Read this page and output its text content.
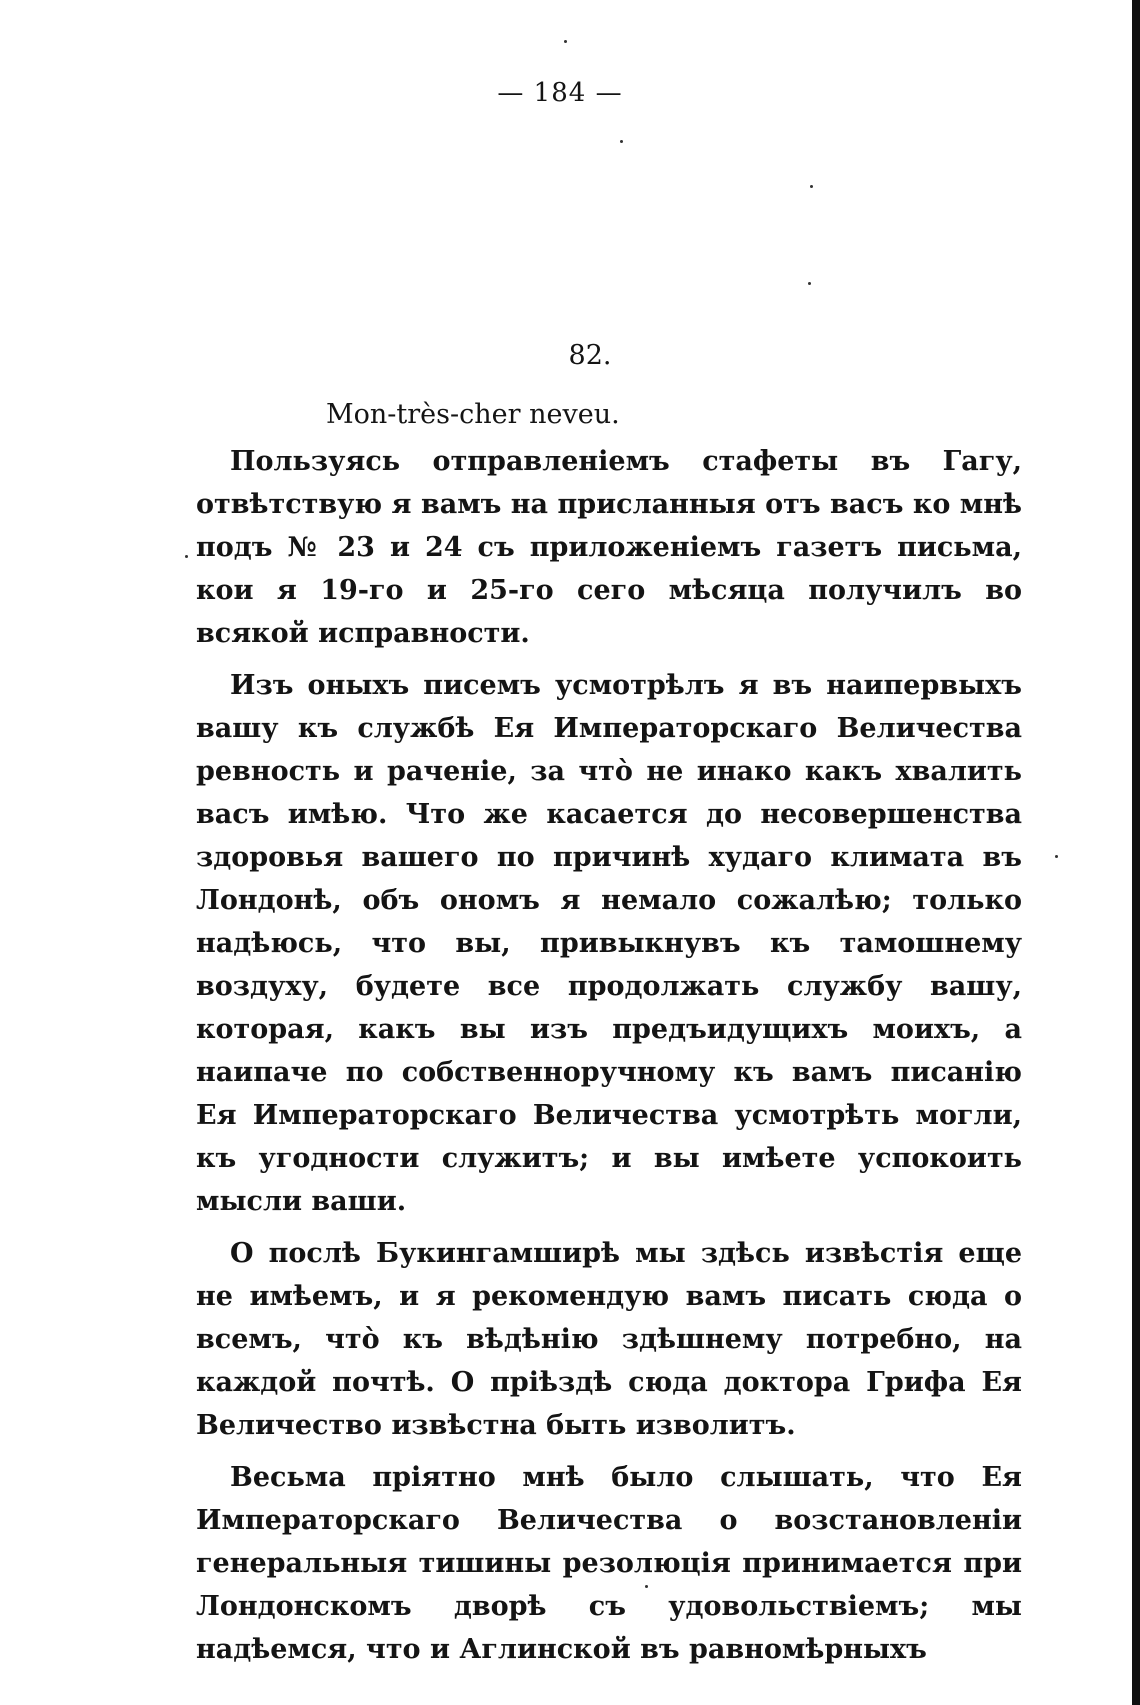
— 184 —
82.

Mon-très-cher neveu.

Пользуясь отправленіемъ стафеты въ Гагу, отвѣтствую я вамъ на присланныя отъ васъ ко мнѣ подъ № 23 и 24 съ приложеніемъ газетъ письма, кои я 19-го и 25-го сего мѣсяца получилъ во всякой исправности.

Изъ оныхъ писемъ усмотрѣлъ я въ наипервыхъ вашу къ службѣ Ея Императорскаго Величества ревность и раченіе, за что̀ не инако какъ хвалить васъ имѣю. Что же касается до несовершенства здоровья вашего по причинѣ худаго климата въ Лондонѣ, объ ономъ я немало сожалѣю; только надѣюсь, что вы, привыкнувъ къ тамошнему воздуху, будете все продолжать службу вашу, которая, какъ вы изъ предъидущихъ моихъ, а наипаче по собственноручному къ вамъ писанію Ея Императорскаго Величества усмотрѣть могли, къ угодности служитъ; и вы имѣете успокоить мысли ваши.

О послѣ Букингамширѣ мы здѣсь извѣстія еще не имѣемъ, и я рекомендую вамъ писать сюда о всемъ, что̀ къ вѣдѣнію здѣшнему потребно, на каждой почтѣ. О пріѣздѣ сюда доктора Грифа Ея Величество извѣстна быть изволитъ.

Весьма пріятно мнѣ было слышать, что Ея Императорскаго Величества о возстановленіи генеральныя тишины резолюція принимается при Лондонскомъ дворѣ съ удовольствіемъ; мы надѣемся, что и Аглинской въ равномѣрныхъ
